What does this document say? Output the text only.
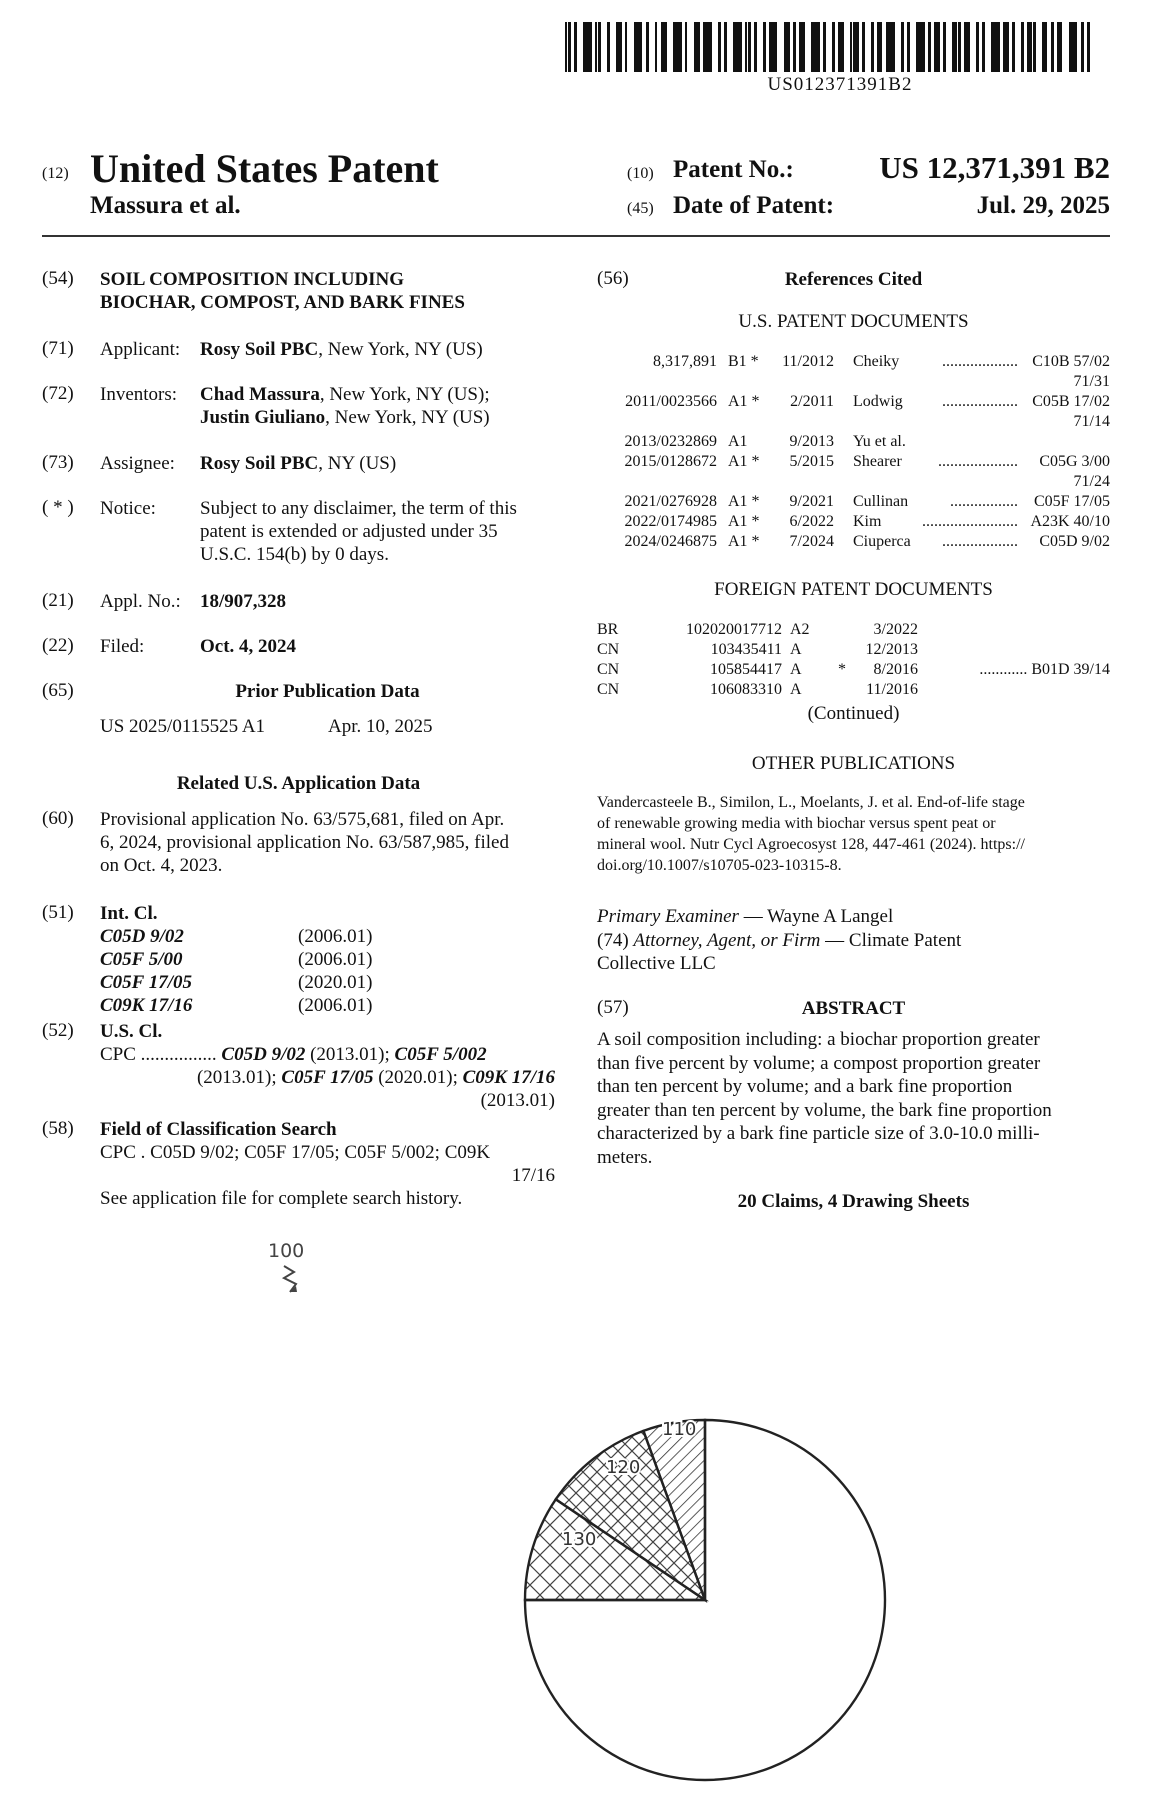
US012371391B2
(12) United States Patent
Massura et al.
(10) Patent No.:	US 12,371,391 B2
(45) Date of Patent:	Jul. 29, 2025
(54) SOIL COMPOSITION INCLUDING
BIOCHAR, COMPOST, AND BARK FINES
(71) Applicant: Rosy Soil PBC, New York, NY (US)
(72) Inventors: Chad Massura, New York, NY (US);
Justin Giuliano, New York, NY (US)
(73) Assignee: Rosy Soil PBC, NY (US)
( * ) Notice: Subject to any disclaimer, the term of this
patent is extended or adjusted under 35
U.S.C. 154(b) by 0 days.
(21) Appl. No.: 18/907,328
(22) Filed:	Oct. 4, 2024
(65)	Prior Publication Data
US 2025/0115525 A1	Apr. 10, 2025
Related U.S. Application Data
(60) Provisional application No. 63/575,681, filed on Apr.
6, 2024, provisional application No. 63/587,985, filed
on Oct. 4, 2023.
(51) Int. Cl.
C05D 9/02	(2006.01)
C05F 5/00	(2006.01)
C05F 17/05	(2020.01)
C09K 17/16	(2006.01)
(52) U.S. Cl.
CPC ................ C05D 9/02 (2013.01); C05F 5/002
(2013.01); C05F 17/05 (2020.01); C09K 17/16
(2013.01)
(58) Field of Classification Search
CPC . C05D 9/02; C05F 17/05; C05F 5/002; C09K
17/16
See application file for complete search history.
(56)	References Cited
U.S. PATENT DOCUMENTS
8,317,891 B1 *	11/2012 Cheiky	................... C10B 57/02
71/31
2011/0023566 A1 *	2/2011 Lodwig	................... C05B 17/02
71/14
2013/0232869 A1	9/2013 Yu et al.
2015/0128672 A1 *	5/2015 Shearer	....................	C05G 3/00
71/24
2021/0276928 A1 *	9/2021 Cullinan	................. C05F 17/05
2022/0174985 A1 *	6/2022 Kim	........................ A23K 40/10
2024/0246875 A1 *	7/2024 Ciuperca	...................	C05D 9/02
FOREIGN PATENT DOCUMENTS
BR	102020017712 A2	3/2022
CN	103435411 A	12/2013
CN	105854417 A	*	8/2016	............ B01D 39/14
CN	106083310 A	11/2016
(Continued)
OTHER PUBLICATIONS
Vandercasteele B., Similon, L., Moelants, J. et al. End-of-life stage
of renewable growing media with biochar versus spent peat or
mineral wool. Nutr Cycl Agroecosyst 128, 447-461 (2024). https://
doi.org/10.1007/s10705-023-10315-8.
Primary Examiner — Wayne A Langel
(74) Attorney, Agent, or Firm — Climate Patent
Collective LLC
(57)	ABSTRACT
A soil composition including: a biochar proportion greater
than five percent by volume; a compost proportion greater
than ten percent by volume; and a bark fine proportion
greater than ten percent by volume, the bark fine proportion
characterized by a bark fine particle size of 3.0-10.0 milli-
meters.
20 Claims, 4 Drawing Sheets
100
110
120
130
